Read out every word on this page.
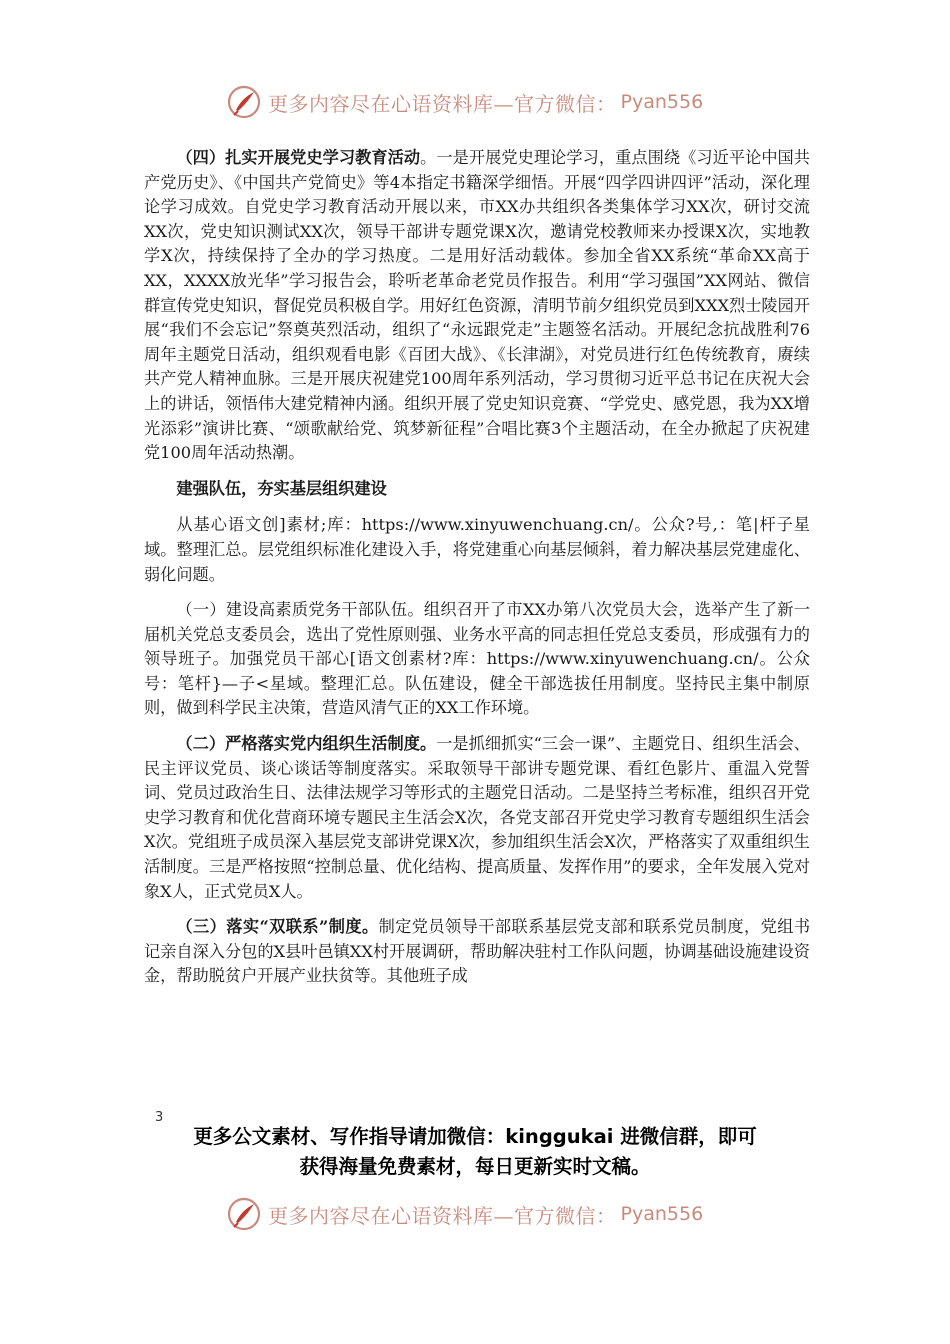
更多内容尽在心语资料库—官方微信： Pyan556

（四）扎实开展党史学习教育活动。一是开展党史理论学习，重点围绕《习近平论中国共产党历史》、《中国共产党简史》等4本指定书籍深学细悟。开展“四学四讲四评”活动，深化理论学习成效。自党史学习教育活动开展以来，市XX办共组织各类集体学习XX次，研讨交流XX次，党史知识测试XX次，领导干部讲专题党课X次，邀请党校教师来办授课X次，实地教学X次，持续保持了全办的学习热度。二是用好活动载体。参加全省XX系统“革命XX高于XX，XXXX放光华”学习报告会，聆听老革命老党员作报告。利用“学习强国”XX网站、微信群宣传党史知识，督促党员积极自学。用好红色资源，清明节前夕组织党员到XXX烈士陵园开展“我们不会忘记”祭奠英烈活动，组织了“永远跟党走”主题签名活动。开展纪念抗战胜利76周年主题党日活动，组织观看电影《百团大战》、《长津湖》，对党员进行红色传统教育，赓续共产党人精神血脉。三是开展庆祝建党100周年系列活动，学习贯彻习近平总书记在庆祝大会上的讲话，领悟伟大建党精神内涵。组织开展了党史知识竞赛、“学党史、感党恩，我为XX增光添彩”演讲比赛、“颂歌献给党、筑梦新征程”合唱比赛3个主题活动，在全办掀起了庆祝建党100周年活动热潮。

建强队伍，夯实基层组织建设

从基心语文创]素材;库：https://www.xinyuwenchuang.cn/。公众?号,：笔|杆子星域。整理汇总。层党组织标准化建设入手，将党建重心向基层倾斜，着力解决基层党建虚化、弱化问题。

（一）建设高素质党务干部队伍。组织召开了市XX办第八次党员大会，选举产生了新一届机关党总支委员会，选出了党性原则强、业务水平高的同志担任党总支委员，形成强有力的领导班子。加强党员干部心[语文创素材?库：https://www.xinyuwenchuang.cn/。公众号：笔杆}—子<星域。整理汇总。队伍建设，健全干部选拔任用制度。坚持民主集中制原则，做到科学民主决策，营造风清气正的XX工作环境。

（二）严格落实党内组织生活制度。一是抓细抓实“三会一课”、主题党日、组织生活会、民主评议党员、谈心谈话等制度落实。采取领导干部讲专题党课、看红色影片、重温入党誓词、党员过政治生日、法律法规学习等形式的主题党日活动。二是坚持兰考标准，组织召开党史学习教育和优化营商环境专题民主生活会X次，各党支部召开党史学习教育专题组织生活会X次。党组班子成员深入基层党支部讲党课X次，参加组织生活会X次，严格落实了双重组织生活制度。三是严格按照“控制总量、优化结构、提高质量、发挥作用”的要求，全年发展入党对象X人，正式党员X人。

（三）落实“双联系”制度。制定党员领导干部联系基层党支部和联系党员制度，党组书记亲自深入分包的X县叶邑镇XX村开展调研，帮助解决驻村工作队问题，协调基础设施建设资金，帮助脱贫户开展产业扶贫等。其他班子成

3
更多公文素材、写作指导请加微信：kinggukai 进微信群，即可
获得海量免费素材，每日更新实时文稿。
更多内容尽在心语资料库—官方微信： Pyan556
